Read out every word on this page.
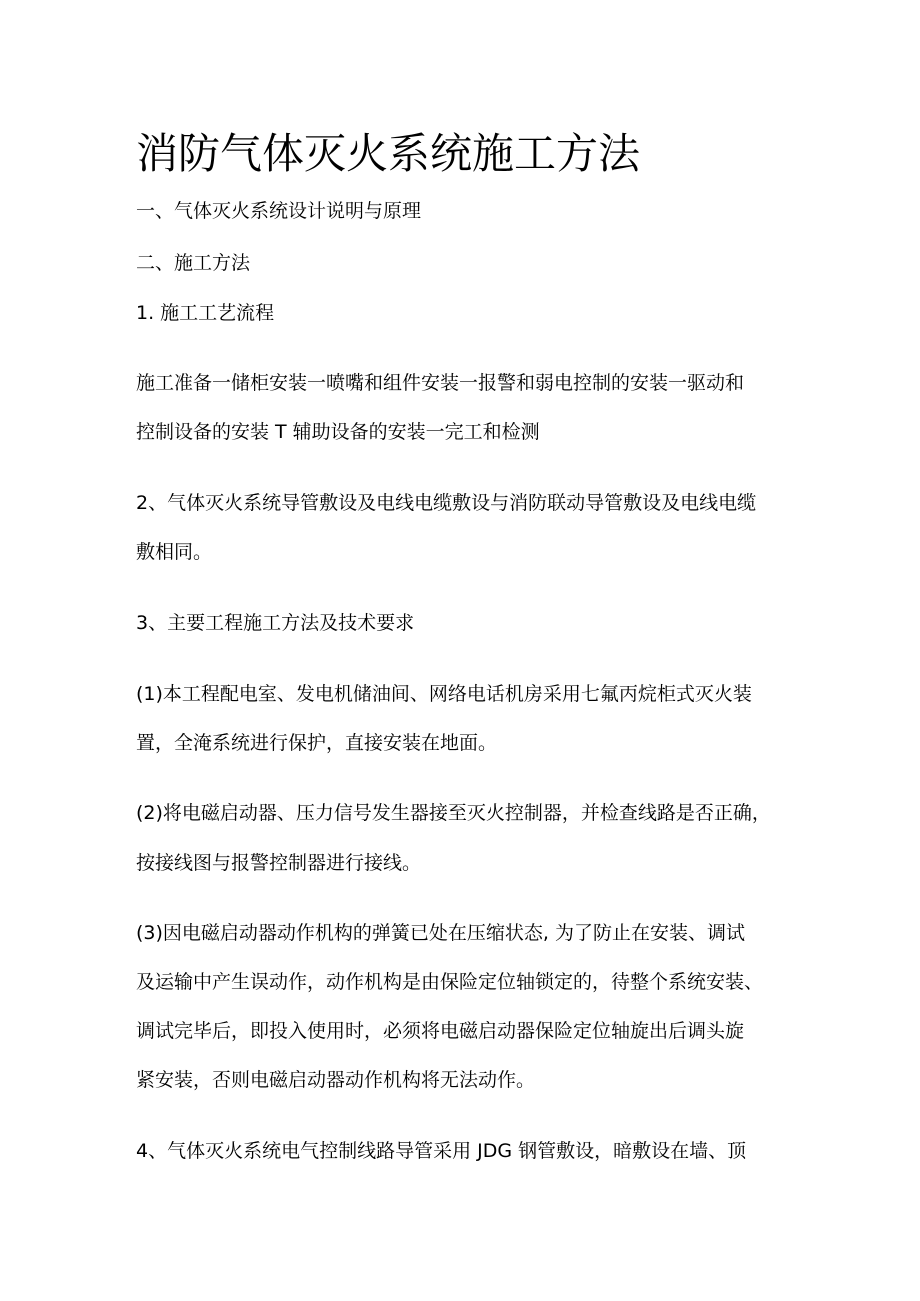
消防气体灭火系统施工方法

一、气体灭火系统设计说明与原理

二、施工方法

1. 施工工艺流程

施工准备一储柜安装一喷嘴和组件安装一报警和弱电控制的安装一驱动和

控制设备的安装 T 辅助设备的安装一完工和检测

2、气体灭火系统导管敷设及电线电缆敷设与消防联动导管敷设及电线电缆

敷相同。

3、主要工程施工方法及技术要求

(1)本工程配电室、发电机储油间、网络电话机房采用七氟丙烷柜式灭火装

置，全淹系统进行保护，直接安装在地面。

(2)将电磁启动器、压力信号发生器接至灭火控制器，并检查线路是否正确，

按接线图与报警控制器进行接线。

(3)因电磁启动器动作机构的弹簧已处在压缩状态, 为了防止在安装、调试

及运输中产生误动作，动作机构是由保险定位轴锁定的，待整个系统安装、

调试完毕后，即投入使用时，必须将电磁启动器保险定位轴旋出后调头旋

紧安装，否则电磁启动器动作机构将无法动作。

4、气体灭火系统电气控制线路导管采用 JDG 钢管敷设，暗敷设在墙、顶
